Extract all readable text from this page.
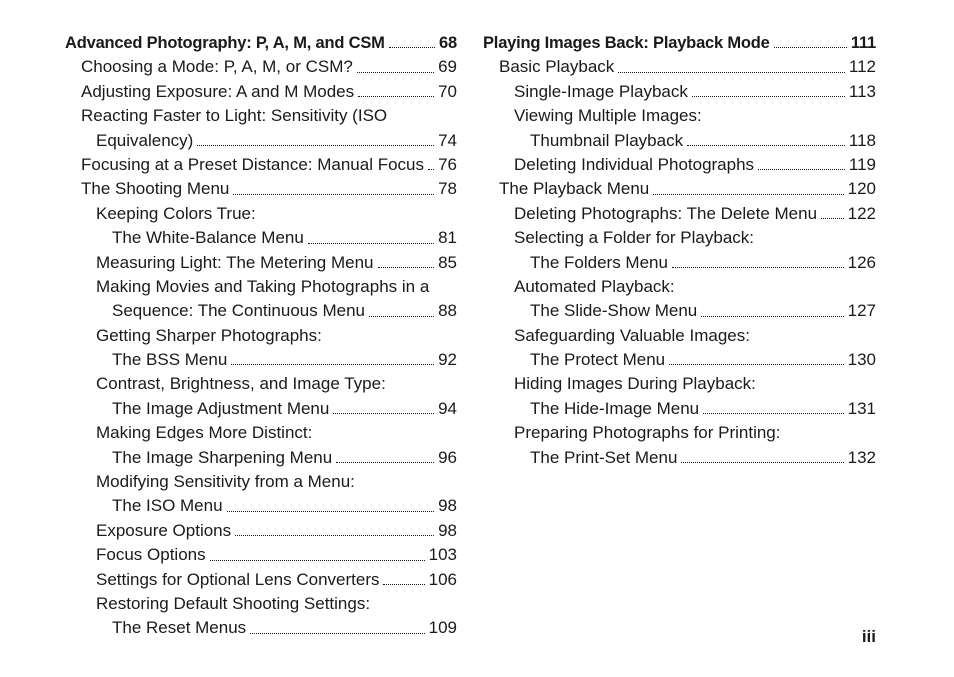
Advanced Photography: P, A, M, and CSM	68
Choosing a Mode: P, A, M, or CSM?	69
Adjusting Exposure: A and M Modes	70
Reacting Faster to Light: Sensitivity (ISO
Equivalency)	74
Focusing at a Preset Distance: Manual Focus 76
The Shooting Menu	78
Keeping Colors True:
The White-Balance Menu	81
Measuring Light: The Metering Menu	85
Making Movies and Taking Photographs in a
Sequence: The Continuous Menu	88
Getting Sharper Photographs:
The BSS Menu	92
Contrast, Brightness, and Image Type:
The Image Adjustment Menu	94
Making Edges More Distinct:
The Image Sharpening Menu	96
Modifying Sensitivity from a Menu:
The ISO Menu	98
Exposure Options	98
Focus Options	103
Settings for Optional Lens Converters	106
Restoring Default Shooting Settings:
The Reset Menus	109
Playing Images Back: Playback Mode	111
Basic Playback	112
Single-Image Playback	113
Viewing Multiple Images:
Thumbnail Playback	118
Deleting Individual Photographs	119
The Playback Menu	120
Deleting Photographs: The Delete Menu 122
Selecting a Folder for Playback:
The Folders Menu	126
Automated Playback:
The Slide-Show Menu	127
Safeguarding Valuable Images:
The Protect Menu	130
Hiding Images During Playback:
The Hide-Image Menu	131
Preparing Photographs for Printing:
The Print-Set Menu	132
iii
